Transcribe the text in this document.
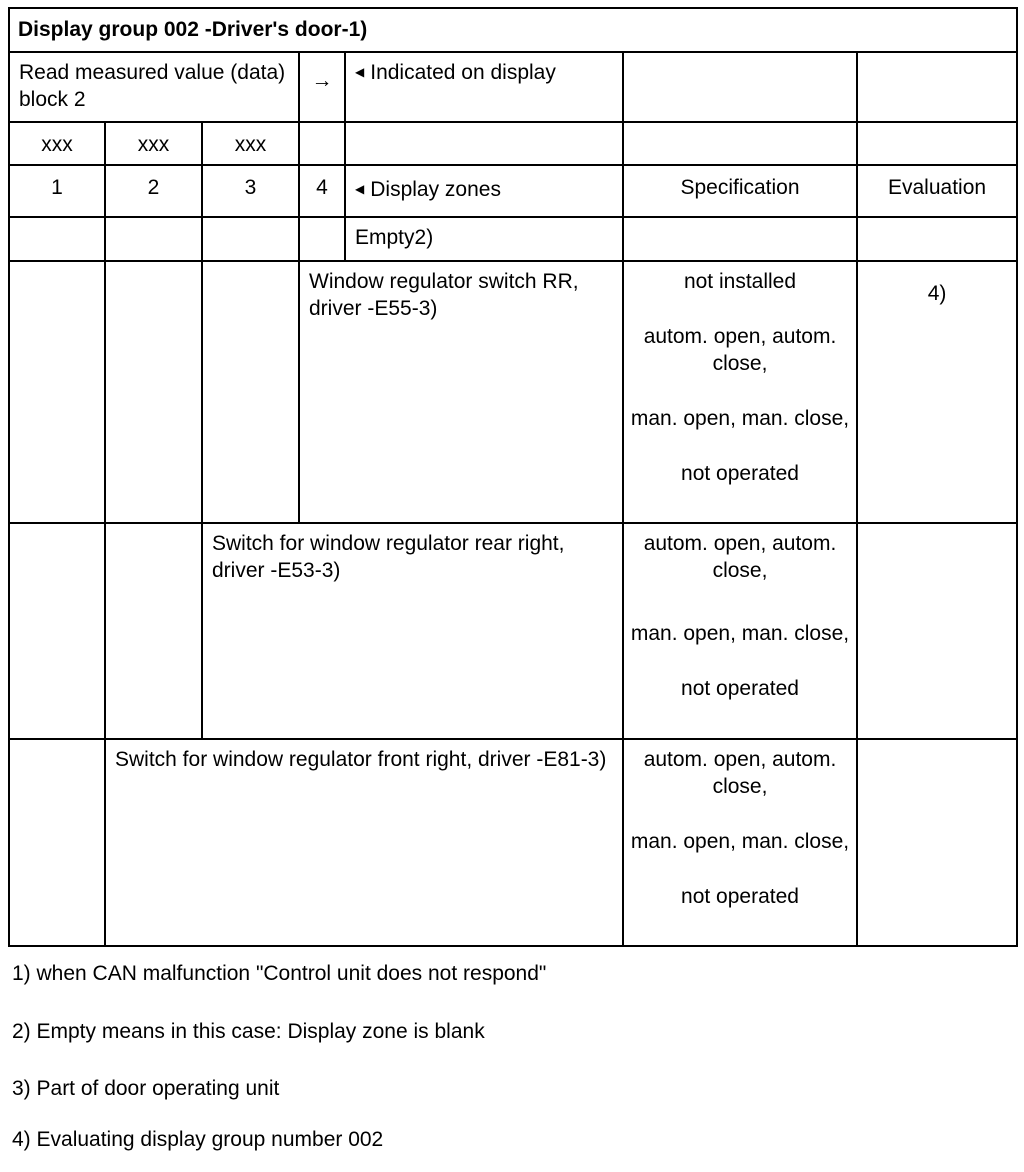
Display group 002 -Driver's door-1)						
Read measured value (data) block 2			→	◀ Indicated on display		
xxx	xxx	xxx				
1	2	3	4	◀ Display zones	Specification	Evaluation
				Empty2)		
			Window regulator switch RR, driver -E55-3)		not installed
autom. open, autom. close,
man. open, man. close,
not operated	4)
		Switch for window regulator rear right, driver -E53-3)			autom. open, autom. close,
man. open, man. close,
not operated	

	Switch for window regulator front right, driver -E81-3)				autom. open, autom. close,
man. open, man. close,
not operated	

1) when CAN malfunction "Control unit does not respond"
2) Empty means in this case: Display zone is blank
3) Part of door operating unit
4) Evaluating display group number 002
